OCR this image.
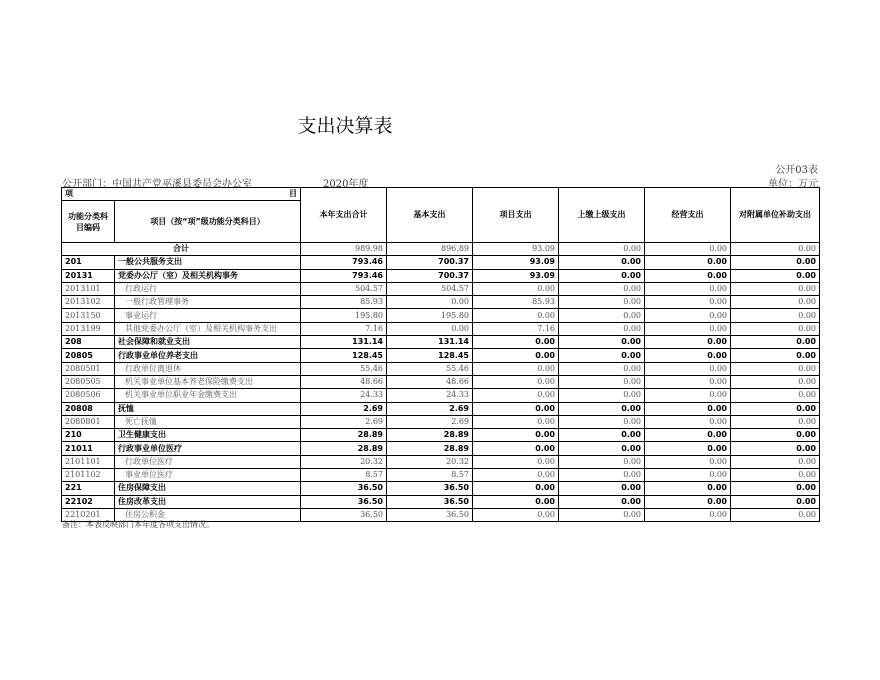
支出决算表
公开03表
公开部门：中国共产党巫溪县委员会办公室	2020年度	单位：万元
项 目		本年支出合计	基本支出	项目支出	上缴上级支出	经营支出	对附属单位补助支出
功能分类科目编码	项目（按“项”级功能分类科目）						
合计		989.98	896.89	93.09	0.00	0.00	0.00
201	一般公共服务支出	793.46	700.37	93.09	0.00	0.00	0.00
20131	党委办公厅（室）及相关机构事务	793.46	700.37	93.09	0.00	0.00	0.00
2013101	行政运行	504.57	504.57	0.00	0.00	0.00	0.00
2013102	一般行政管理事务	85.93	0.00	85.93	0.00	0.00	0.00
2013150	事业运行	195.80	195.80	0.00	0.00	0.00	0.00
2013199	其他党委办公厅（室）及相关机构事务支出	7.16	0.00	7.16	0.00	0.00	0.00
208	社会保障和就业支出	131.14	131.14	0.00	0.00	0.00	0.00
20805	行政事业单位养老支出	128.45	128.45	0.00	0.00	0.00	0.00
2080501	行政单位离退休	55.46	55.46	0.00	0.00	0.00	0.00
2080505	机关事业单位基本养老保险缴费支出	48.66	48.66	0.00	0.00	0.00	0.00
2080506	机关事业单位职业年金缴费支出	24.33	24.33	0.00	0.00	0.00	0.00
20808	抚恤	2.69	2.69	0.00	0.00	0.00	0.00
2080801	死亡抚恤	2.69	2.69	0.00	0.00	0.00	0.00
210	卫生健康支出	28.89	28.89	0.00	0.00	0.00	0.00
21011	行政事业单位医疗	28.89	28.89	0.00	0.00	0.00	0.00
2101101	行政单位医疗	20.32	20.32	0.00	0.00	0.00	0.00
2101102	事业单位医疗	8.57	8.57	0.00	0.00	0.00	0.00
221	住房保障支出	36.50	36.50	0.00	0.00	0.00	0.00
22102	住房改革支出	36.50	36.50	0.00	0.00	0.00	0.00
2210201	住房公积金	36.50	36.50	0.00	0.00	0.00	0.00
备注：本表反映部门本年度各项支出情况。
